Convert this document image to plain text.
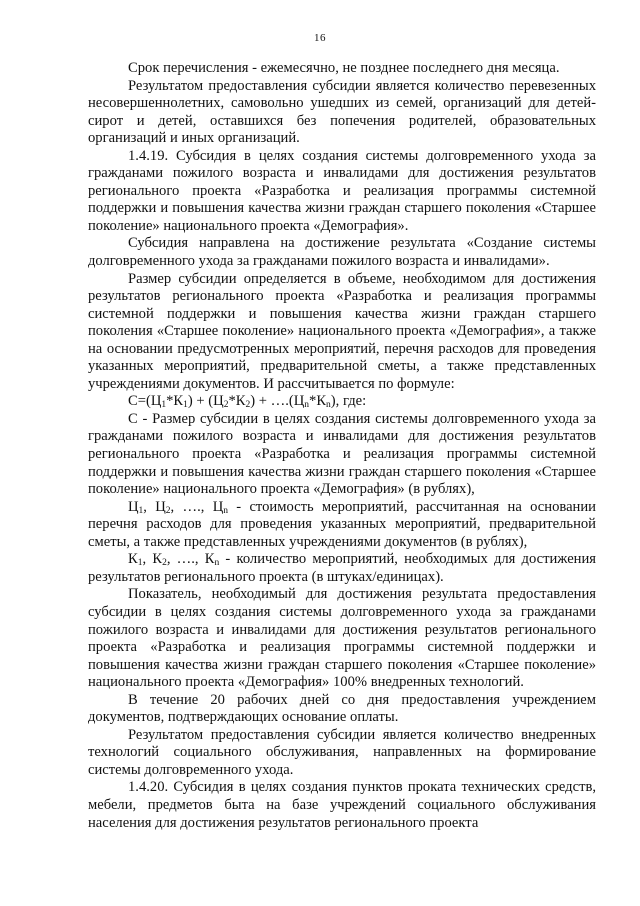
16

Срок перечисления - ежемесячно, не позднее последнего дня месяца.

Результатом предоставления субсидии является количество перевезенных несовершеннолетних, самовольно ушедших из семей, организаций для детей-сирот и детей, оставшихся без попечения родителей, образовательных организаций и иных организаций.

1.4.19. Субсидия в целях создания системы долговременного ухода за гражданами пожилого возраста и инвалидами для достижения результатов регионального проекта «Разработка и реализация программы системной поддержки и повышения качества жизни граждан старшего поколения «Старшее поколение» национального проекта «Демография».

Субсидия направлена на достижение результата «Создание системы долговременного ухода за гражданами пожилого возраста и инвалидами».

Размер субсидии определяется в объеме, необходимом для достижения результатов регионального проекта «Разработка и реализация программы системной поддержки и повышения качества жизни граждан старшего поколения «Старшее поколение» национального проекта «Демография», а также на основании предусмотренных мероприятий, перечня расходов для проведения указанных мероприятий, предварительной сметы, а также представленных учреждениями документов. И рассчитывается по формуле:

$С=(Ц_1*К_1) + (Ц_2*К_2)$ + $\dots.(Ц_n*К_n)$, где:

С - Размер субсидии в целях создания системы долговременного ухода за гражданами пожилого возраста и инвалидами для достижения результатов регионального проекта «Разработка и реализация программы системной поддержки и повышения качества жизни граждан старшего поколения «Старшее поколение» национального проекта «Демография» (в рублях),

$Ц_1$, $Ц_2$, …., $Ц_n$ - стоимость мероприятий, рассчитанная на основании перечня расходов для проведения указанных мероприятий, предварительной сметы, а также представленных учреждениями документов (в рублях),

$К_1$, $К_2$, …., $К_n$ - количество мероприятий, необходимых для достижения результатов регионального проекта (в штуках/единицах).

Показатель, необходимый для достижения результата предоставления субсидии в целях создания системы долговременного ухода за гражданами пожилого возраста и инвалидами для достижения результатов регионального проекта «Разработка и реализация программы системной поддержки и повышения качества жизни граждан старшего поколения «Старшее поколение» национального проекта «Демография» 100% внедренных технологий.

В течение 20 рабочих дней со дня предоставления учреждением документов, подтверждающих основание оплаты.

Результатом предоставления субсидии является количество внедренных технологий социального обслуживания, направленных на формирование системы долговременного ухода.

1.4.20. Субсидия в целях создания пунктов проката технических средств, мебели, предметов быта на базе учреждений социального обслуживания населения для достижения результатов регионального проекта
